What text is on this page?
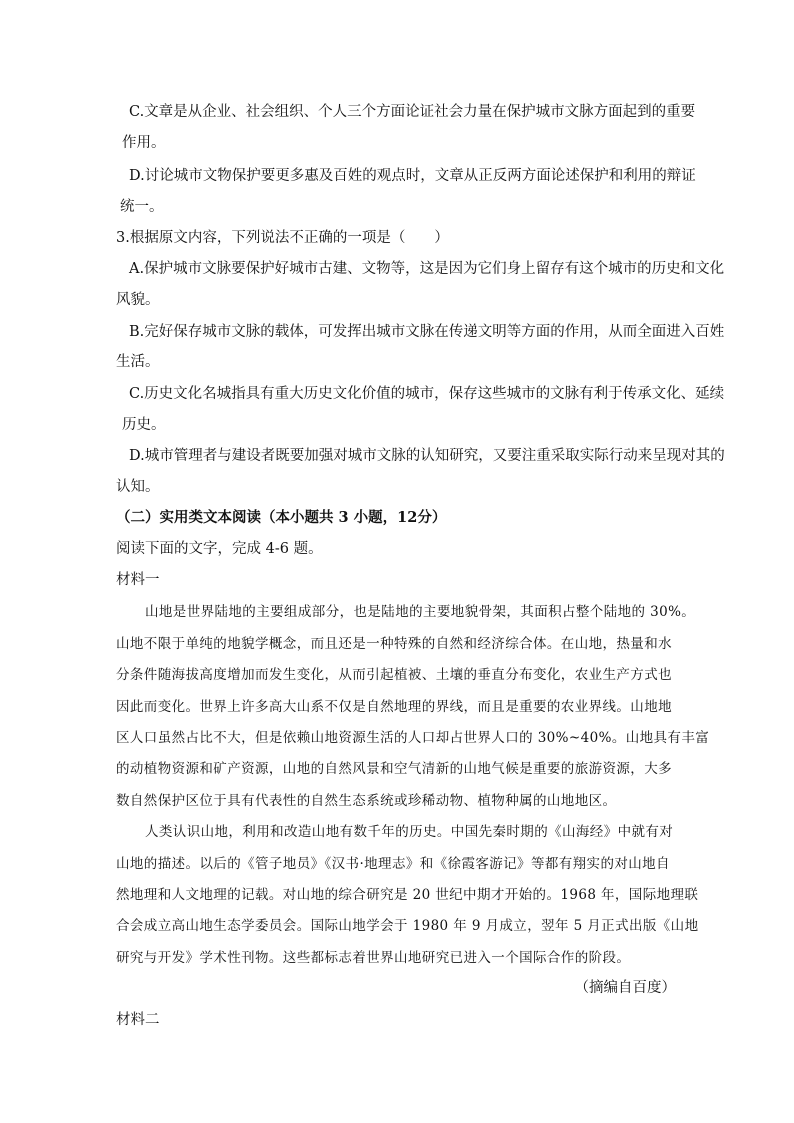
C.文章是从企业、社会组织、个人三个方面论证社会力量在保护城市文脉方面起到的重要
作用。
D.讨论城市文物保护要更多惠及百姓的观点时，文章从正反两方面论述保护和利用的辩证
统一。
3.根据原文内容，下列说法不正确的一项是（　　）
A.保护城市文脉要保护好城市古建、文物等，这是因为它们身上留存有这个城市的历史和文化
风貌。
B.完好保存城市文脉的载体，可发挥出城市文脉在传递文明等方面的作用，从而全面进入百姓
生活。
C.历史文化名城指具有重大历史文化价值的城市，保存这些城市的文脉有利于传承文化、延续
历史。
D.城市管理者与建设者既要加强对城市文脉的认知研究，又要注重采取实际行动来呈现对其的
认知。
（二）实用类文本阅读（本小题共 3 小题，12分）
阅读下面的文字，完成 4-6 题。
材料一
山地是世界陆地的主要组成部分，也是陆地的主要地貌骨架，其面积占整个陆地的 30%。
山地不限于单纯的地貌学概念，而且还是一种特殊的自然和经济综合体。在山地，热量和水
分条件随海拔高度增加而发生变化，从而引起植被、土壤的垂直分布变化，农业生产方式也
因此而变化。世界上许多高大山系不仅是自然地理的界线，而且是重要的农业界线。山地地
区人口虽然占比不大，但是依赖山地资源生活的人口却占世界人口的 30%~40%。山地具有丰富
的动植物资源和矿产资源，山地的自然风景和空气清新的山地气候是重要的旅游资源，大多
数自然保护区位于具有代表性的自然生态系统或珍稀动物、植物种属的山地地区。
人类认识山地，利用和改造山地有数千年的历史。中国先秦时期的《山海经》中就有对
山地的描述。以后的《管子地员》《汉书·地理志》和《徐霞客游记》等都有翔实的对山地自
然地理和人文地理的记载。对山地的综合研究是 20 世纪中期才开始的。1968 年，国际地理联
合会成立高山地生态学委员会。国际山地学会于 1980 年 9 月成立，翌年 5 月正式出版《山地
研究与开发》学术性刊物。这些都标志着世界山地研究已进入一个国际合作的阶段。
（摘编自百度）
材料二
